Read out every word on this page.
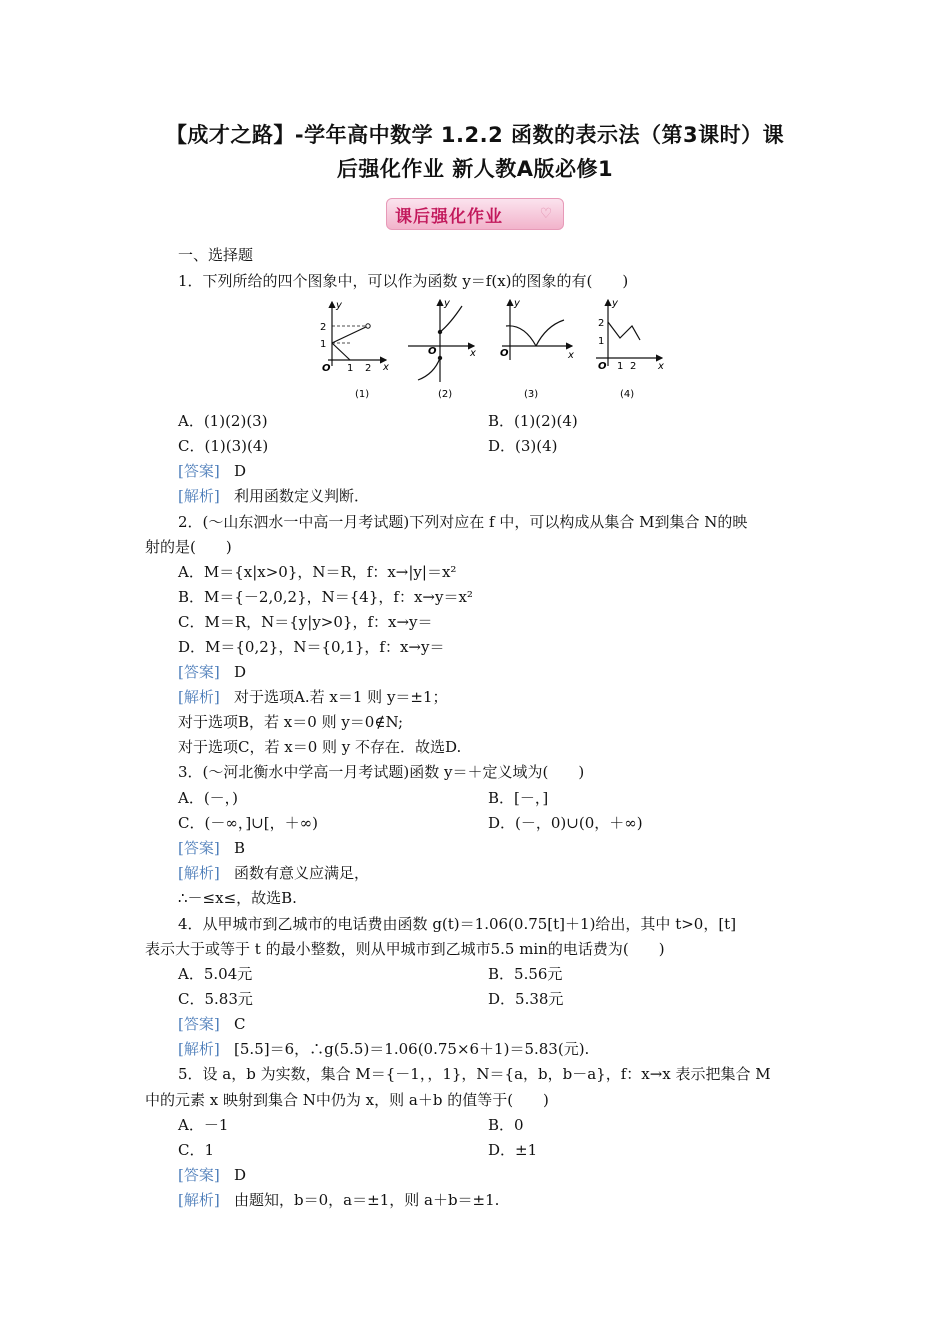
【成才之路】-学年高中数学 1.2.2 函数的表示法（第3课时）课
后强化作业 新人教A版必修1
课后强化作业	♡
一、选择题
1．下列所给的四个图象中，可以作为函数 y＝f(x)的图象的有(　　)
2
1
O 1 2 x
y
(1)
O	x
y
(2)
O	x
y
(3)
2
1
O 1 2 x
y
(4)
A．(1)(2)(3)	B．(1)(2)(4)
C．(1)(3)(4)	D．(3)(4)
[答案] D
[解析] 利用函数定义判断．
2．(～山东泗水一中高一月考试题)下列对应在 f 中，可以构成从集合 M到集合 N的映
射的是(　　)
A．M＝{x|x>0}，N＝R，f：x→|y|＝x²
B．M＝{－2,0,2}，N＝{4}，f：x→y＝x²
C．M＝R，N＝{y|y>0}，f：x→y＝
D．M＝{0,2}，N＝{0,1}，f：x→y＝
[答案] D
[解析] 对于选项A.若 x＝1 则 y＝±1；
对于选项B，若 x＝0 则 y＝0∉N;
对于选项C，若 x＝0 则 y 不存在．故选D.
3．(～河北衡水中学高一月考试题)函数 y＝＋定义域为(　　)
A．(－，)	B．[－，]
C．(－∞，]∪[，＋∞)	D．(－，0)∪(0，＋∞)
[答案] B
[解析] 函数有意义应满足，
∴－≤x≤，故选B.
4．从甲城市到乙城市的电话费由函数 g(t)＝1.06(0.75[t]＋1)给出，其中 t>0，[t]
表示大于或等于 t 的最小整数，则从甲城市到乙城市5.5 min的电话费为(　　)
A．5.04元	B．5.56元
C．5.83元	D．5.38元
[答案] C
[解析] [5.5]＝6，∴g(5.5)＝1.06(0.75×6＋1)＝5.83(元).
5．设 a，b 为实数，集合 M＝{－1，，1}，N＝{a，b，b－a}，f：x→x 表示把集合 M
中的元素 x 映射到集合 N中仍为 x，则 a＋b 的值等于(　　)
A．－1	B．0
C．1	D．±1
[答案] D
[解析] 由题知，b＝0，a＝±1，则 a＋b＝±1.
